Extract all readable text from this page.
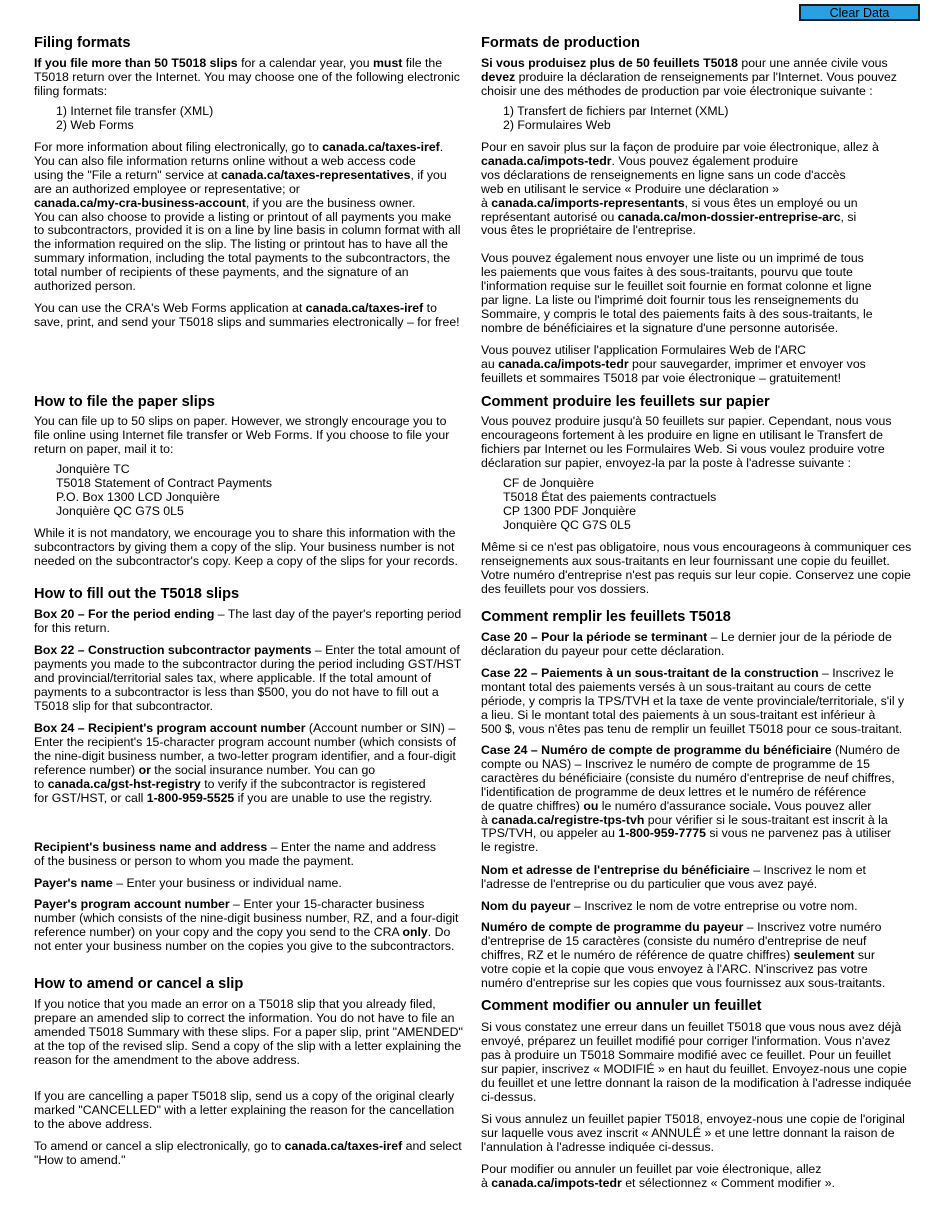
Clear Data
Filing formats

If you file more than 50 T5018 slips for a calendar year, you must file the

T5018 return over the Internet. You may choose one of the following electronic

filing formats:

1) Internet file transfer (XML)

2) Web Forms

For more information about filing electronically, go to canada.ca/taxes-iref.

You can also file information returns online without a web access code

using the "File a return" service at canada.ca/taxes-representatives, if you

are an authorized employee or representative; or

canada.ca/my-cra-business-account, if you are the business owner.

You can also choose to provide a listing or printout of all payments you make

to subcontractors, provided it is on a line by line basis in column format with all

the information required on the slip. The listing or printout has to have all the

summary information, including the total payments to the subcontractors, the

total number of recipients of these payments, and the signature of an

authorized person.

You can use the CRA's Web Forms application at canada.ca/taxes-iref to

save, print, and send your T5018 slips and summaries electronically – for free!

How to file the paper slips

You can file up to 50 slips on paper. However, we strongly encourage you to

file online using Internet file transfer or Web Forms. If you choose to file your

return on paper, mail it to:

Jonquière TC

T5018 Statement of Contract Payments

P.O. Box 1300 LCD Jonquière

Jonquière QC G7S 0L5

While it is not mandatory, we encourage you to share this information with the

subcontractors by giving them a copy of the slip. Your business number is not

needed on the subcontractor's copy. Keep a copy of the slips for your records.

How to fill out the T5018 slips

Box 20 – For the period ending – The last day of the payer's reporting period

for this return.

Box 22 – Construction subcontractor payments – Enter the total amount of

payments you made to the subcontractor during the period including GST/HST

and provincial/territorial sales tax, where applicable. If the total amount of

payments to a subcontractor is less than $500, you do not have to fill out a

T5018 slip for that subcontractor.

Box 24 – Recipient's program account number (Account number or SIN) –

Enter the recipient's 15-character program account number (which consists of

the nine-digit business number, a two-letter program identifier, and a four-digit

reference number) or the social insurance number. You can go

to canada.ca/gst-hst-registry to verify if the subcontractor is registered

for GST/HST, or call 1-800-959-5525 if you are unable to use the registry.

Recipient's business name and address – Enter the name and address

of the business or person to whom you made the payment.

Payer's name – Enter your business or individual name.

Payer's program account number – Enter your 15-character business

number (which consists of the nine-digit business number, RZ, and a four-digit

reference number) on your copy and the copy you send to the CRA only. Do

not enter your business number on the copies you give to the subcontractors.

How to amend or cancel a slip

If you notice that you made an error on a T5018 slip that you already filed,

prepare an amended slip to correct the information. You do not have to file an

amended T5018 Summary with these slips. For a paper slip, print "AMENDED"

at the top of the revised slip. Send a copy of the slip with a letter explaining the

reason for the amendment to the above address.

If you are cancelling a paper T5018 slip, send us a copy of the original clearly

marked "CANCELLED" with a letter explaining the reason for the cancellation

to the above address.

To amend or cancel a slip electronically, go to canada.ca/taxes-iref and select

"How to amend."

Formats de production

Si vous produisez plus de 50 feuillets T5018 pour une année civile vous

devez produire la déclaration de renseignements par l'Internet. Vous pouvez

choisir une des méthodes de production par voie électronique suivante :

1) Transfert de fichiers par Internet (XML)

2) Formulaires Web

Pour en savoir plus sur la façon de produire par voie électronique, allez à

canada.ca/impots-tedr. Vous pouvez également produire

vos déclarations de renseignements en ligne sans un code d'accès

web en utilisant le service « Produire une déclaration »

à canada.ca/imports-representants, si vous êtes un employé ou un

représentant autorisé ou canada.ca/mon-dossier-entreprise-arc, si

vous êtes le propriétaire de l'entreprise.

Vous pouvez également nous envoyer une liste ou un imprimé de tous

les paiements que vous faites à des sous-traitants, pourvu que toute

l'information requise sur le feuillet soit fournie en format colonne et ligne

par ligne. La liste ou l'imprimé doit fournir tous les renseignements du

Sommaire, y compris le total des paiements faits à des sous-traitants, le

nombre de bénéficiaires et la signature d'une personne autorisée.

Vous pouvez utiliser l'application Formulaires Web de l'ARC

au canada.ca/impots-tedr pour sauvegarder, imprimer et envoyer vos

feuillets et sommaires T5018 par voie électronique – gratuitement!

Comment produire les feuillets sur papier

Vous pouvez produire jusqu'à 50 feuillets sur papier. Cependant, nous vous

encourageons fortement à les produire en ligne en utilisant le Transfert de

fichiers par Internet ou les Formulaires Web. Si vous voulez produire votre

déclaration sur papier, envoyez-la par la poste à l'adresse suivante :

CF de Jonquière

T5018 État des paiements contractuels

CP 1300 PDF Jonquière

Jonquière QC G7S 0L5

Même si ce n'est pas obligatoire, nous vous encourageons à communiquer ces

renseignements aux sous-traitants en leur fournissant une copie du feuillet.

Votre numéro d'entreprise n'est pas requis sur leur copie. Conservez une copie

des feuillets pour vos dossiers.

Comment remplir les feuillets T5018

Case 20 – Pour la période se terminant – Le dernier jour de la période de

déclaration du payeur pour cette déclaration.

Case 22 – Paiements à un sous-traitant de la construction – Inscrivez le

montant total des paiements versés à un sous-traitant au cours de cette

période, y compris la TPS/TVH et la taxe de vente provinciale/territoriale, s'il y

a lieu. Si le montant total des paiements à un sous-traitant est inférieur à

500 $, vous n'êtes pas tenu de remplir un feuillet T5018 pour ce sous-traitant.

Case 24 – Numéro de compte de programme du bénéficiaire (Numéro de

compte ou NAS) – Inscrivez le numéro de compte de programme de 15

caractères du bénéficiaire (consiste du numéro d'entreprise de neuf chiffres,

l'identification de programme de deux lettres et le numéro de référence

de quatre chiffres) ou le numéro d'assurance sociale. Vous pouvez aller

à canada.ca/registre-tps-tvh pour vérifier si le sous-traitant est inscrit à la

TPS/TVH, ou appeler au 1-800-959-7775 si vous ne parvenez pas à utiliser

le registre.

Nom et adresse de l'entreprise du bénéficiaire – Inscrivez le nom et

l'adresse de l'entreprise ou du particulier que vous avez payé.

Nom du payeur – Inscrivez le nom de votre entreprise ou votre nom.

Numéro de compte de programme du payeur – Inscrivez votre numéro

d'entreprise de 15 caractères (consiste du numéro d'entreprise de neuf

chiffres, RZ et le numéro de référence de quatre chiffres) seulement sur

votre copie et la copie que vous envoyez à l'ARC. N'inscrivez pas votre

numéro d'entreprise sur les copies que vous fournissez aux sous-traitants.

Comment modifier ou annuler un feuillet

Si vous constatez une erreur dans un feuillet T5018 que vous nous avez déjà

envoyé, préparez un feuillet modifié pour corriger l'information. Vous n'avez

pas à produire un T5018 Sommaire modifié avec ce feuillet. Pour un feuillet

sur papier, inscrivez « MODIFIÉ » en haut du feuillet. Envoyez-nous une copie

du feuillet et une lettre donnant la raison de la modification à l'adresse indiquée

ci-dessus.

Si vous annulez un feuillet papier T5018, envoyez-nous une copie de l'original

sur laquelle vous avez inscrit « ANNULÉ » et une lettre donnant la raison de

l'annulation à l'adresse indiquée ci-dessus.

Pour modifier ou annuler un feuillet par voie électronique, allez

à canada.ca/impots-tedr et sélectionnez « Comment modifier ».
